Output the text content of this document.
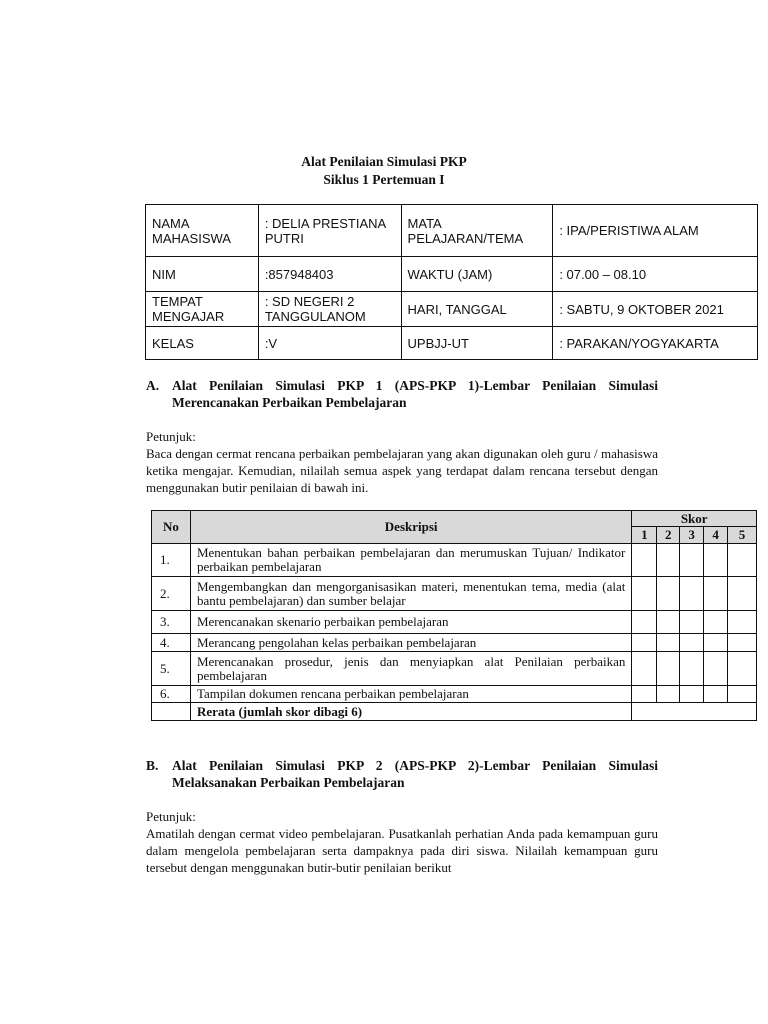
Alat Penilaian Simulasi PKP
Siklus 1 Pertemuan I
NAMA MAHASISWA	: DELIA PRESTIANA PUTRI	MATA PELAJARAN/TEMA	: IPA/PERISTIWA ALAM
NIM	:857948403	WAKTU (JAM)	: 07.00 – 08.10
TEMPAT MENGAJAR	: SD NEGERI 2 TANGGULANOM	HARI, TANGGAL	: SABTU, 9 OKTOBER 2021
KELAS	:V	UPBJJ-UT	: PARAKAN/YOGYAKARTA
A. Alat Penilaian Simulasi PKP 1 (APS-PKP 1)-Lembar Penilaian Simulasi Merencanakan Perbaikan Pembelajaran
Petunjuk:
Baca dengan cermat rencana perbaikan pembelajaran yang akan digunakan oleh guru / mahasiswa ketika mengajar. Kemudian, nilailah semua aspek yang terdapat dalam rencana tersebut dengan menggunakan butir penilaian di bawah ini.
No	Deskripsi	Skor				
		1	2	3	4	5
1.	Menentukan bahan perbaikan pembelajaran dan merumuskan Tujuan/ Indikator perbaikan pembelajaran					
2.	Mengembangkan dan mengorganisasikan materi, menentukan tema, media (alat bantu pembelajaran) dan sumber belajar					
3.	Merencanakan skenario perbaikan pembelajaran					
4.	Merancang pengolahan kelas perbaikan pembelajaran					
5.	Merencanakan prosedur, jenis dan menyiapkan alat Penilaian perbaikan pembelajaran					
6.	Tampilan dokumen rencana perbaikan pembelajaran					
	Rerata (jumlah skor dibagi 6)					
B. Alat Penilaian Simulasi PKP 2 (APS-PKP 2)-Lembar Penilaian Simulasi Melaksanakan Perbaikan Pembelajaran
Petunjuk:
Amatilah dengan cermat video pembelajaran. Pusatkanlah perhatian Anda pada kemampuan guru dalam mengelola pembelajaran serta dampaknya pada diri siswa. Nilailah kemampuan guru tersebut dengan menggunakan butir-butir penilaian berikut
